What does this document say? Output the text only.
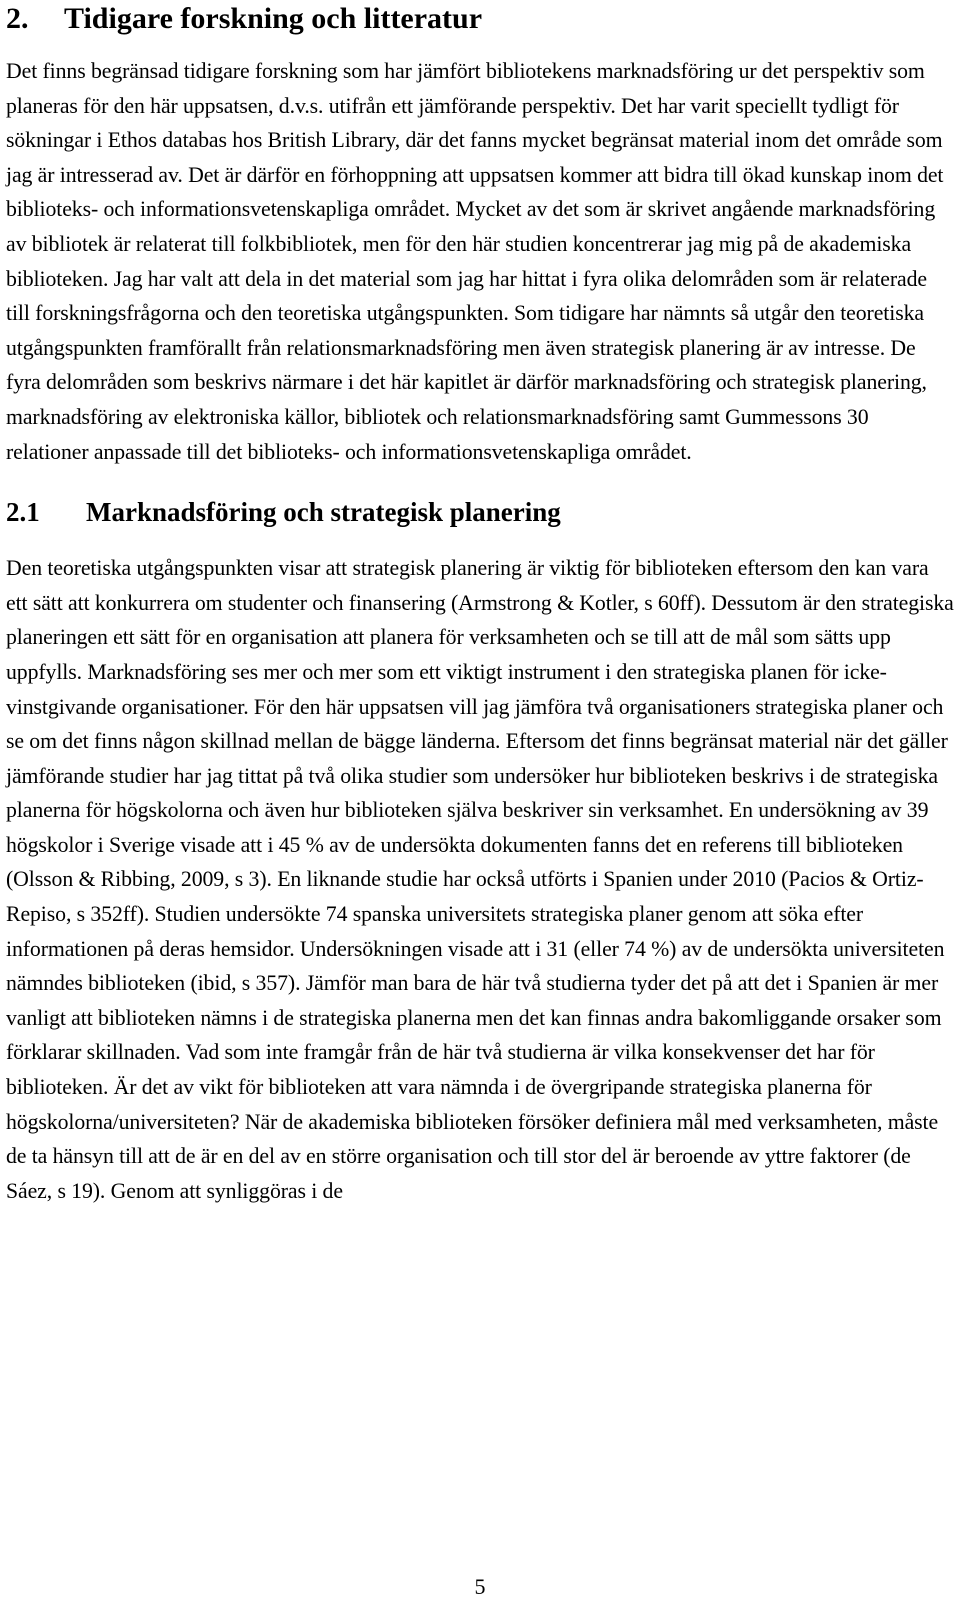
2.	Tidigare forskning och litteratur

Det finns begränsad tidigare forskning som har jämfört bibliotekens marknadsföring ur det perspektiv som planeras för den här uppsatsen, d.v.s. utifrån ett jämförande perspektiv. Det har varit speciellt tydligt för sökningar i Ethos databas hos British Library, där det fanns mycket begränsat material inom det område som jag är intresserad av. Det är därför en förhoppning att uppsatsen kommer att bidra till ökad kunskap inom det biblioteks- och informationsvetenskapliga området. Mycket av det som är skrivet angående marknadsföring av bibliotek är relaterat till folkbibliotek, men för den här studien koncentrerar jag mig på de akademiska biblioteken. Jag har valt att dela in det material som jag har hittat i fyra olika delområden som är relaterade till forskningsfrågorna och den teoretiska utgångspunkten. Som tidigare har nämnts så utgår den teoretiska utgångspunkten framförallt från relationsmarknadsföring men även strategisk planering är av intresse. De fyra delområden som beskrivs närmare i det här kapitlet är därför marknadsföring och strategisk planering, marknadsföring av elektroniska källor, bibliotek och relationsmarknadsföring samt Gummessons 30 relationer anpassade till det biblioteks- och informationsvetenskapliga området.

2.1	Marknadsföring och strategisk planering

Den teoretiska utgångspunkten visar att strategisk planering är viktig för biblioteken eftersom den kan vara ett sätt att konkurrera om studenter och finansering (Armstrong & Kotler, s 60ff). Dessutom är den strategiska planeringen ett sätt för en organisation att planera för verksamheten och se till att de mål som sätts upp uppfylls. Marknadsföring ses mer och mer som ett viktigt instrument i den strategiska planen för icke-vinstgivande organisationer. För den här uppsatsen vill jag jämföra två organisationers strategiska planer och se om det finns någon skillnad mellan de bägge länderna. Eftersom det finns begränsat material när det gäller jämförande studier har jag tittat på två olika studier som undersöker hur biblioteken beskrivs i de strategiska planerna för högskolorna och även hur biblioteken själva beskriver sin verksamhet. En undersökning av 39 högskolor i Sverige visade att i 45 % av de undersökta dokumenten fanns det en referens till biblioteken (Olsson & Ribbing, 2009, s 3). En liknande studie har också utförts i Spanien under 2010 (Pacios & Ortiz-Repiso, s 352ff). Studien undersökte 74 spanska universitets strategiska planer genom att söka efter informationen på deras hemsidor. Undersökningen visade att i 31 (eller 74 %) av de undersökta universiteten nämndes biblioteken (ibid, s 357). Jämför man bara de här två studierna tyder det på att det i Spanien är mer vanligt att biblioteken nämns i de strategiska planerna men det kan finnas andra bakomliggande orsaker som förklarar skillnaden. Vad som inte framgår från de här två studierna är vilka konsekvenser det har för biblioteken. Är det av vikt för biblioteken att vara nämnda i de övergripande strategiska planerna för högskolorna/universiteten? När de akademiska biblioteken försöker definiera mål med verksamheten, måste de ta hänsyn till att de är en del av en större organisation och till stor del är beroende av yttre faktorer (de Sáez, s 19). Genom att synliggöras i de

5
